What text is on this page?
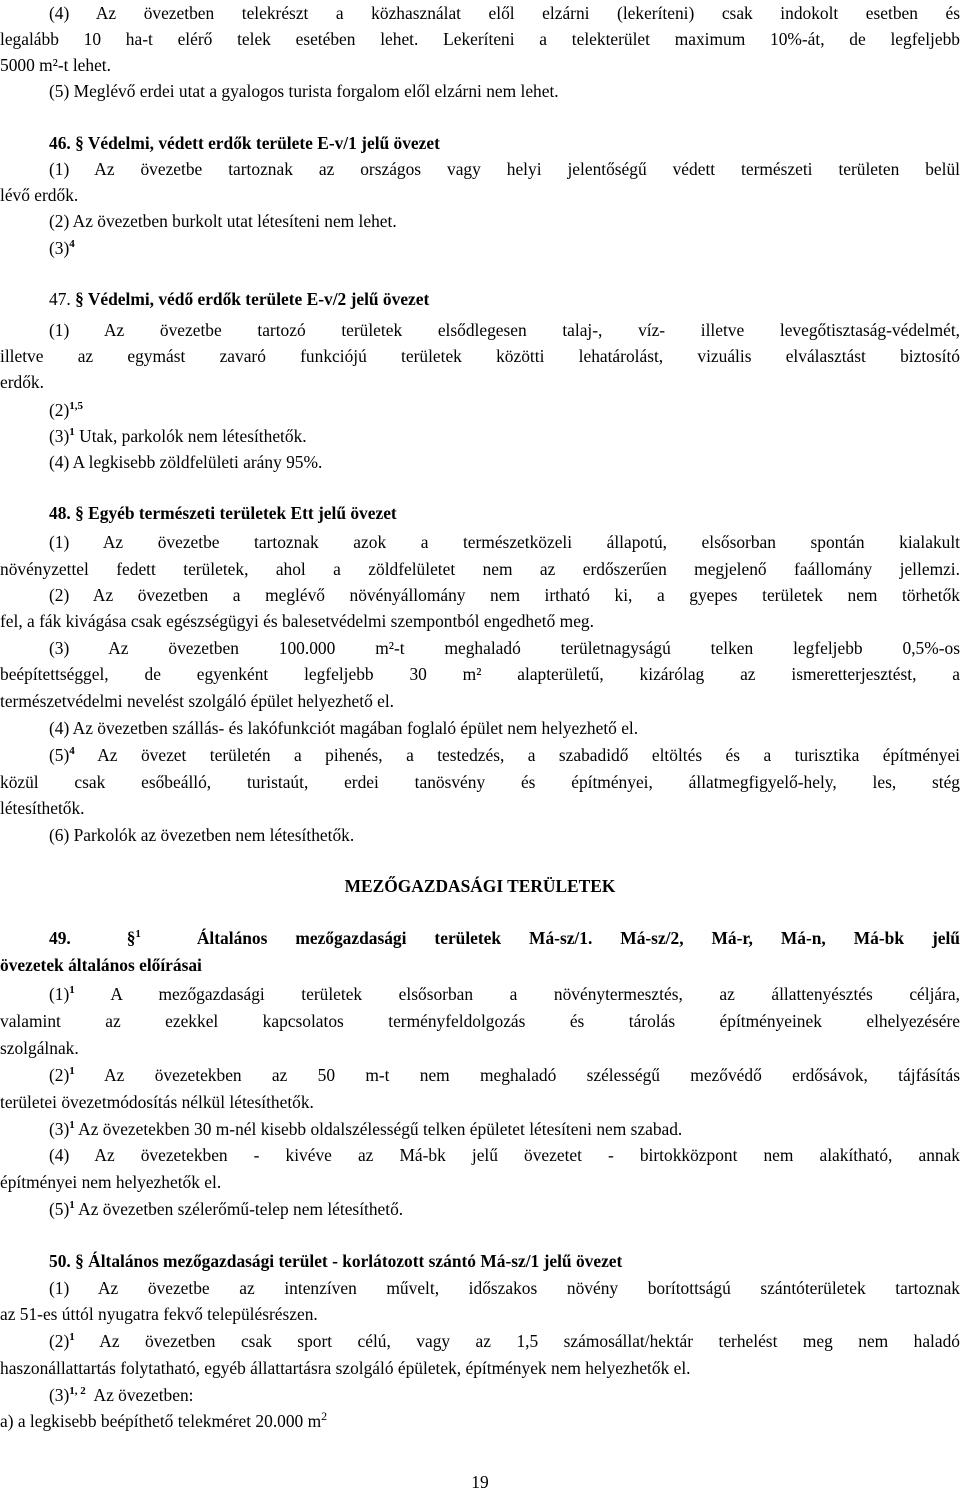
(4) Az övezetben telekrészt a közhasználat elől elzárni (lekeríteni) csak indokolt esetben és
legalább 10 ha-t elérő telek esetében lehet. Lekeríteni a telekterület maximum 10%-át, de legfeljebb
5000 m²-t lehet.
(5) Meglévő erdei utat a gyalogos turista forgalom elől elzárni nem lehet.
46. § Védelmi, védett erdők területe E-v/1 jelű övezet
(1) Az övezetbe tartoznak az országos vagy helyi jelentőségű védett természeti területen belül
lévő erdők.
(2) Az övezetben burkolt utat létesíteni nem lehet.
$(3)^4$
47. § Védelmi, védő erdők területe E-v/2 jelű övezet
(1) Az övezetbe tartozó területek elsődlegesen talaj-, víz- illetve levegőtisztaság-védelmét,
illetve az egymást zavaró funkciójú területek közötti lehatárolást, vizuális elválasztást biztosító
erdők.
$(2)^{1,5}$
$(3)^1$ Utak, parkolók nem létesíthetők.
(4) A legkisebb zöldfelületi arány 95%.
48. § Egyéb természeti területek Ett jelű övezet
(1) Az övezetbe tartoznak azok a természetközeli állapotú, elsősorban spontán kialakult
növényzettel fedett területek, ahol a zöldfelületet nem az erdőszerűen megjelenő faállomány jellemzi.
(2) Az övezetben a meglévő növényállomány nem irtható ki, a gyepes területek nem törhetők
fel, a fák kivágása csak egészségügyi és balesetvédelmi szempontból engedhető meg.
(3) Az övezetben 100.000 m²-t meghaladó területnagyságú telken legfeljebb 0,5%-os
beépítettséggel, de egyenként legfeljebb 30 m² alapterületű, kizárólag az ismeretterjesztést, a
természetvédelmi nevelést szolgáló épület helyezhető el.
(4) Az övezetben szállás- és lakófunkciót magában foglaló épület nem helyezhető el.
$(5)^4$ Az övezet területén a pihenés, a testedzés, a szabadidő eltöltés és a turisztika építményei
közül csak esőbeálló, turistaút, erdei tanösvény és építményei, állatmegfigyelő-hely, les, stég
létesíthetők.
(6) Parkolók az övezetben nem létesíthetők.
MEZŐGAZDASÁGI TERÜLETEK
49.	§$^1$	Általános mezőgazdasági területek Má-sz/1. Má-sz/2, Má-r, Má-n, Má-bk jelű
övezetek általános előírásai
$(1)^1$ A mezőgazdasági területek elsősorban a növénytermesztés, az állattenyésztés céljára,
valamint az ezekkel kapcsolatos terményfeldolgozás és tárolás építményeinek elhelyezésére
szolgálnak.
$(2)^1$ Az övezetekben az 50 m-t nem meghaladó szélességű mezővédő erdősávok, tájfásítás
területei övezetmódosítás nélkül létesíthetők.
$(3)^1$ Az övezetekben 30 m-nél kisebb oldalszélességű telken épületet létesíteni nem szabad.
(4) Az övezetekben - kivéve az Má-bk jelű övezetet - birtokközpont nem alakítható, annak
építményei nem helyezhetők el.
$(5)^1$ Az övezetben szélerőmű-telep nem létesíthető.
50. § Általános mezőgazdasági terület - korlátozott szántó Má-sz/1 jelű övezet
(1) Az övezetbe az intenzíven művelt, időszakos növény borítottságú szántóterületek tartoznak
az 51-es úttól nyugatra fekvő településrészen.
$(2)^1$ Az övezetben csak sport célú, vagy az 1,5 számosállat/hektár terhelést meg nem haladó
haszonállattartás folytatható, egyéb állattartásra szolgáló épületek, építmények nem helyezhetők el.
$(3)^{1, 2}$ Az övezetben:
a) a legkisebb beépíthető telekméret 20.000 $m^2$
19
